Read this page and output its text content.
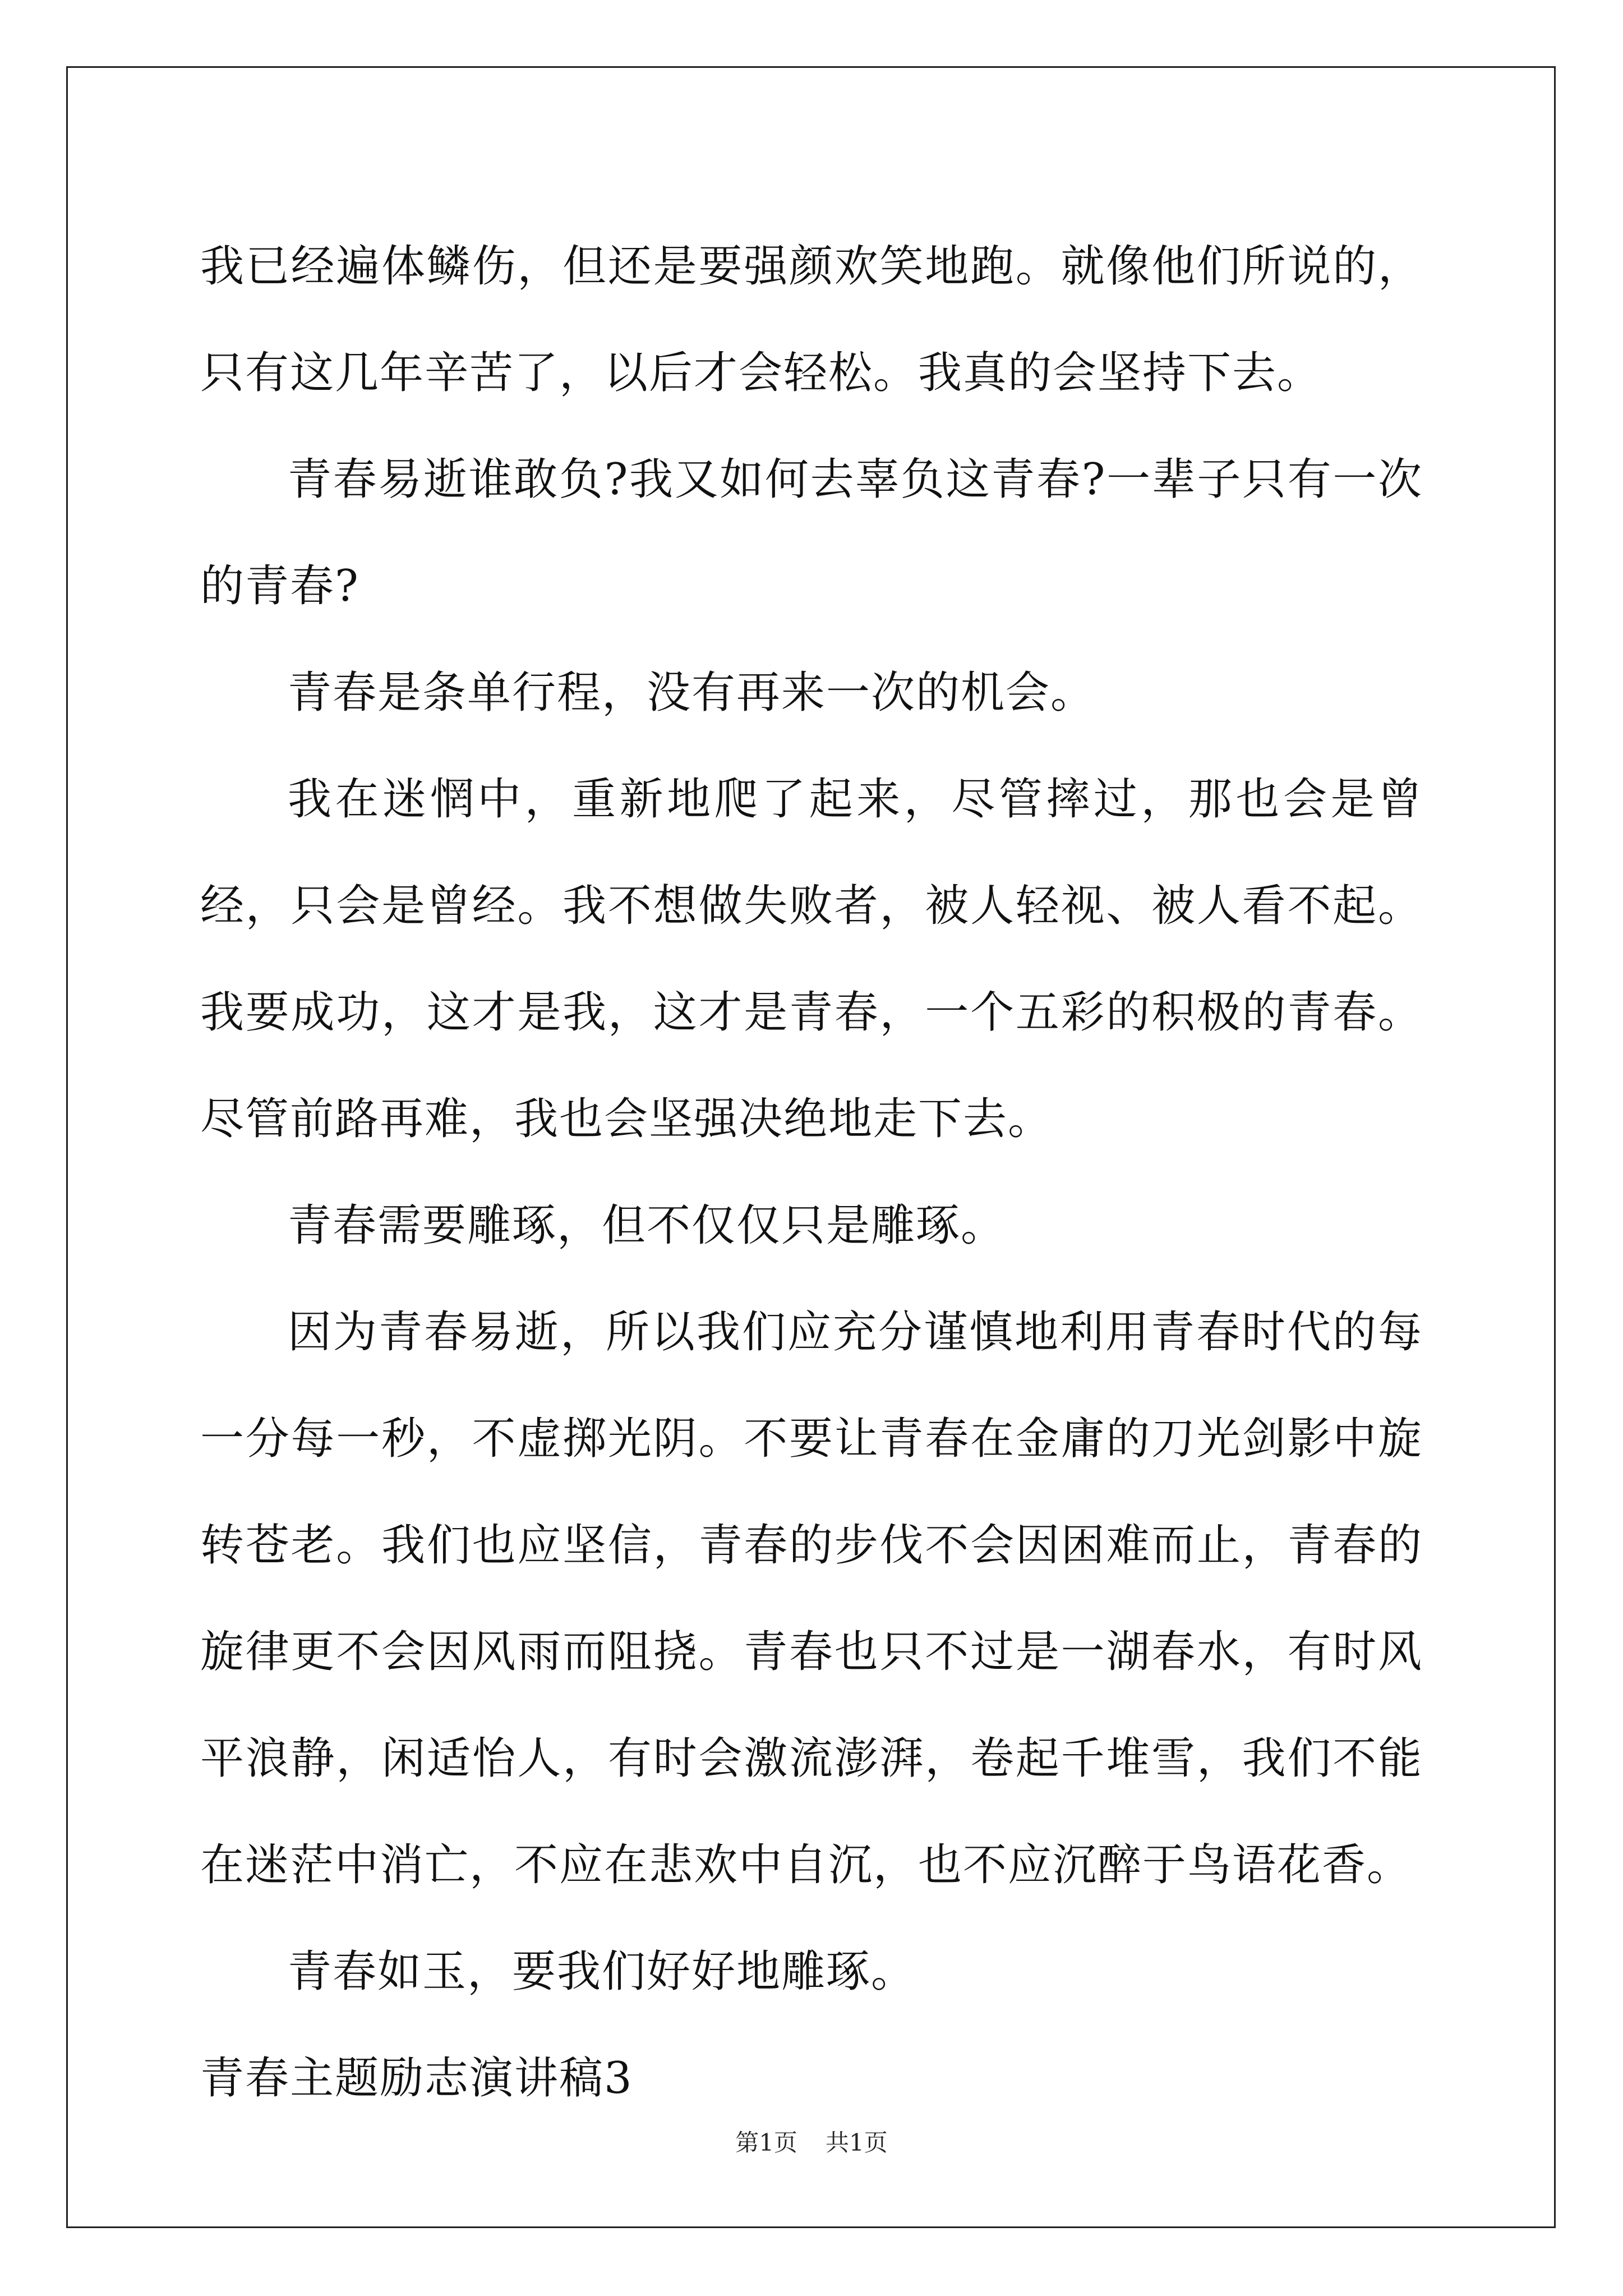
我已经遍体鳞伤，但还是要强颜欢笑地跑。就像他们所说的，只有这几年辛苦了，以后才会轻松。我真的会坚持下去。

青春易逝谁敢负?我又如何去辜负这青春?一辈子只有一次的青春?

青春是条单行程，没有再来一次的机会。

我在迷惘中，重新地爬了起来，尽管摔过，那也会是曾经，只会是曾经。我不想做失败者，被人轻视、被人看不起。我要成功，这才是我，这才是青春，一个五彩的积极的青春。尽管前路再难，我也会坚强决绝地走下去。

青春需要雕琢，但不仅仅只是雕琢。

因为青春易逝，所以我们应充分谨慎地利用青春时代的每一分每一秒，不虚掷光阴。不要让青春在金庸的刀光剑影中旋转苍老。我们也应坚信，青春的步伐不会因困难而止，青春的旋律更不会因风雨而阻挠。青春也只不过是一湖春水，有时风平浪静，闲适怡人，有时会激流澎湃，卷起千堆雪，我们不能在迷茫中消亡，不应在悲欢中自沉，也不应沉醉于鸟语花香。

青春如玉，要我们好好地雕琢。

青春主题励志演讲稿3

第1页 共1页
